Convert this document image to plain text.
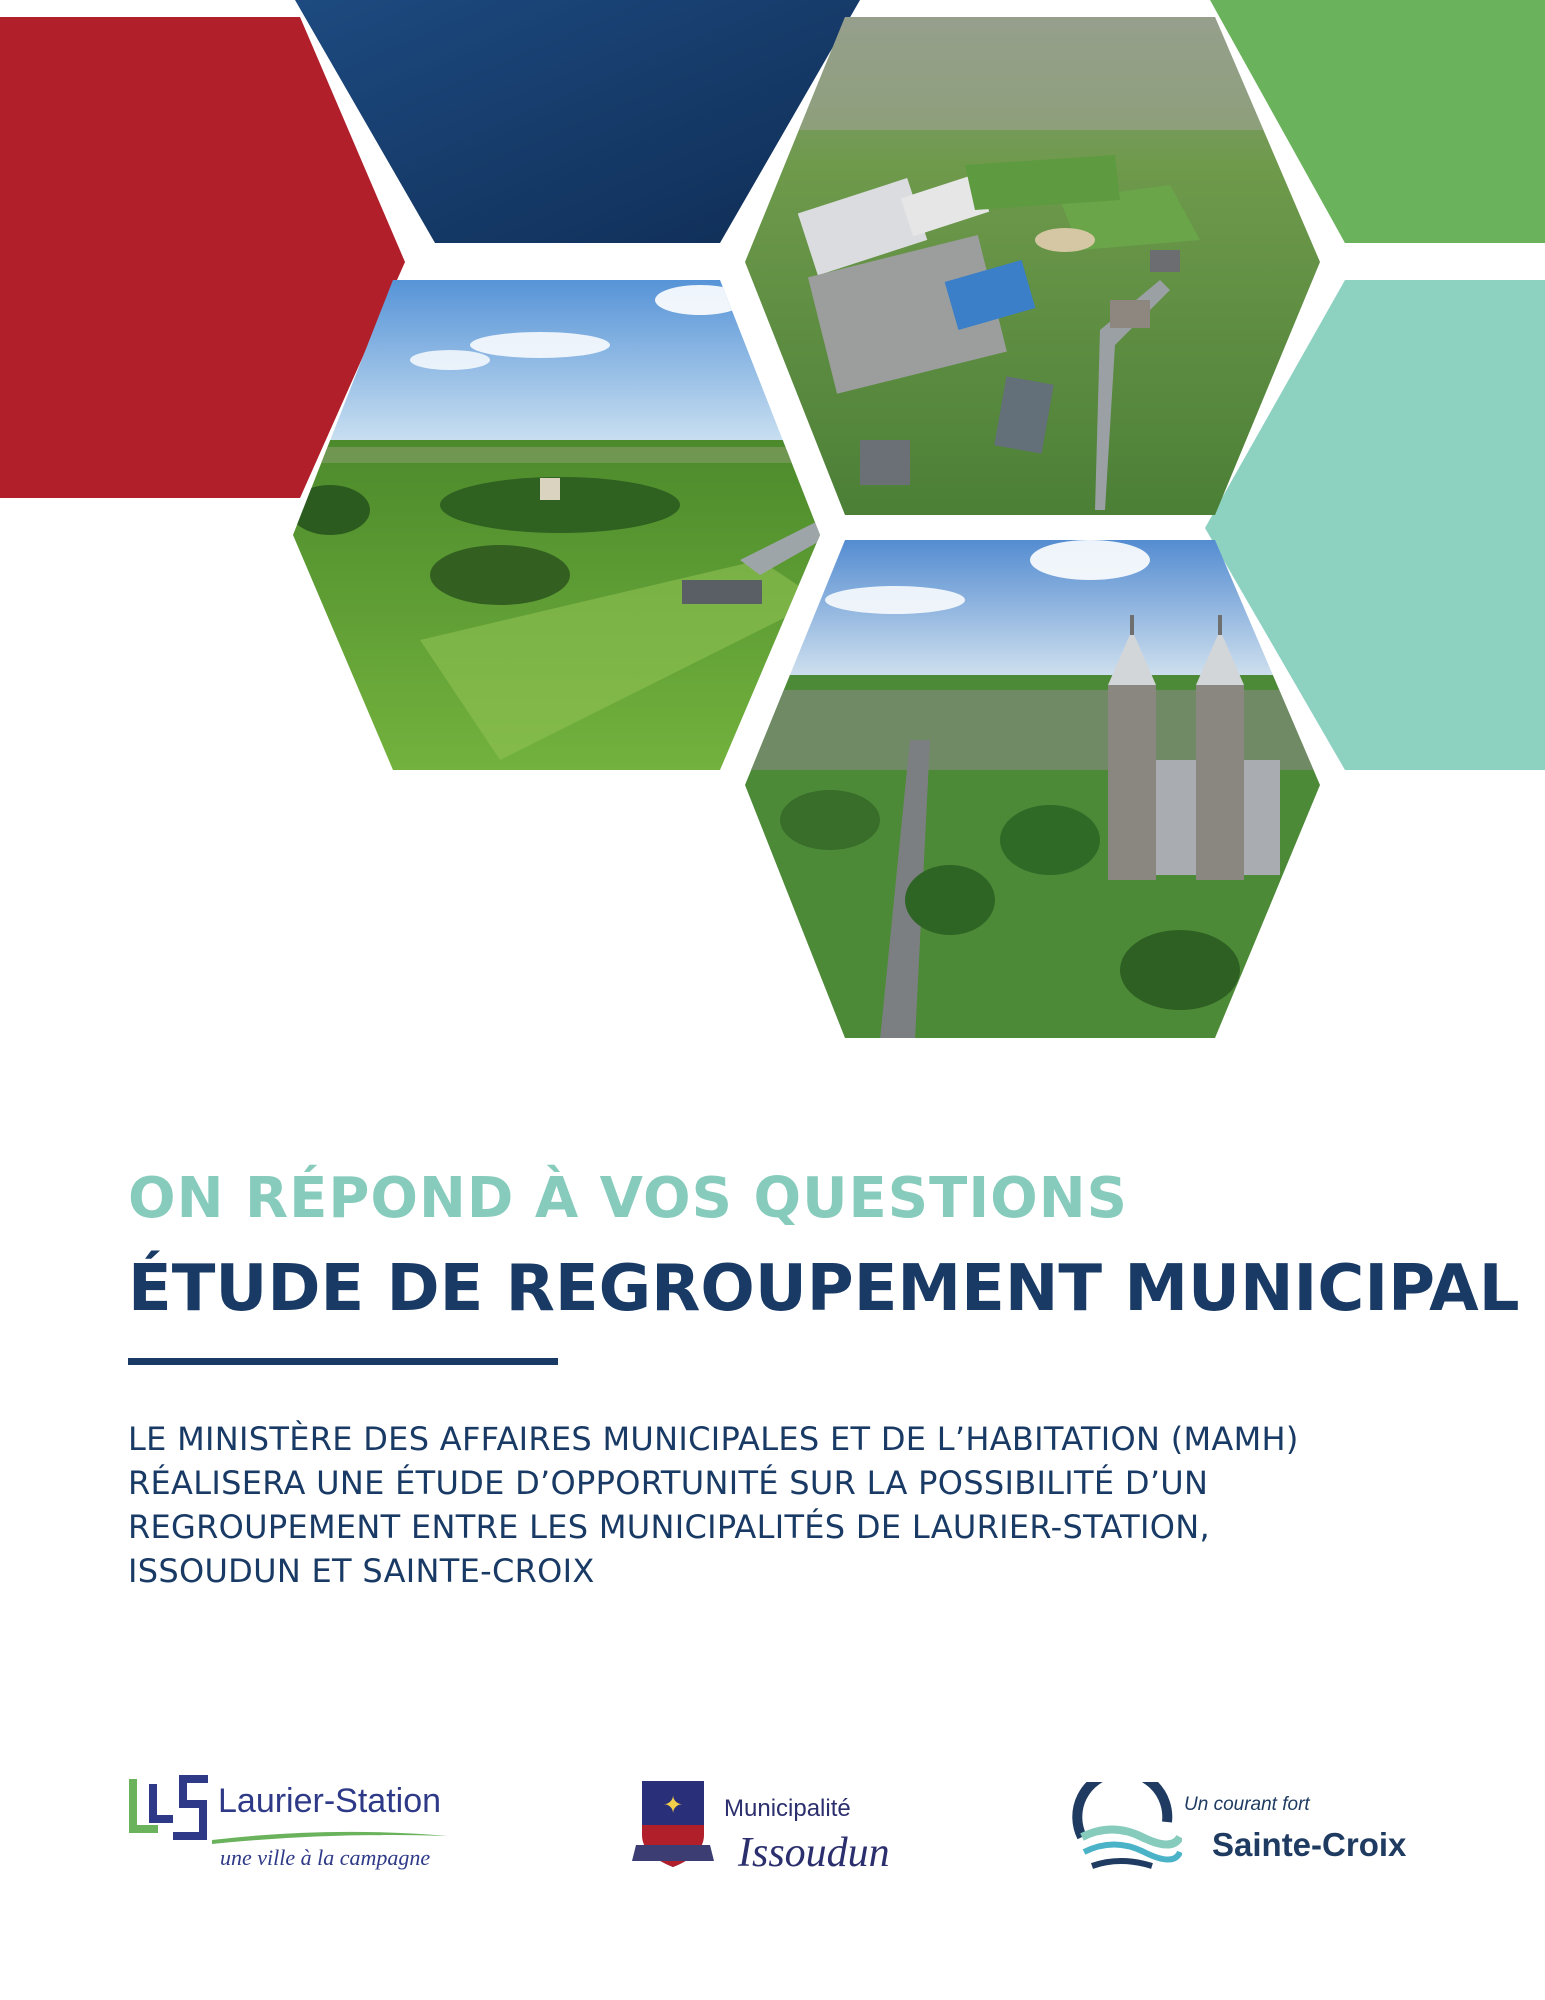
ON RÉPOND À VOS QUESTIONS
ÉTUDE DE REGROUPEMENT MUNICIPAL
LE MINISTÈRE DES AFFAIRES MUNICIPALES ET DE L’HABITATION (MAMH)
RÉALISERA UNE ÉTUDE D’OPPORTUNITÉ SUR LA POSSIBILITÉ D’UN
REGROUPEMENT ENTRE LES MUNICIPALITÉS DE LAURIER-STATION,
ISSOUDUN ET SAINTE-CROIX
Laurier-Station
une ville à la campagne
✦ Municipalité
Issoudun
Un courant fort
Sainte-Croix
